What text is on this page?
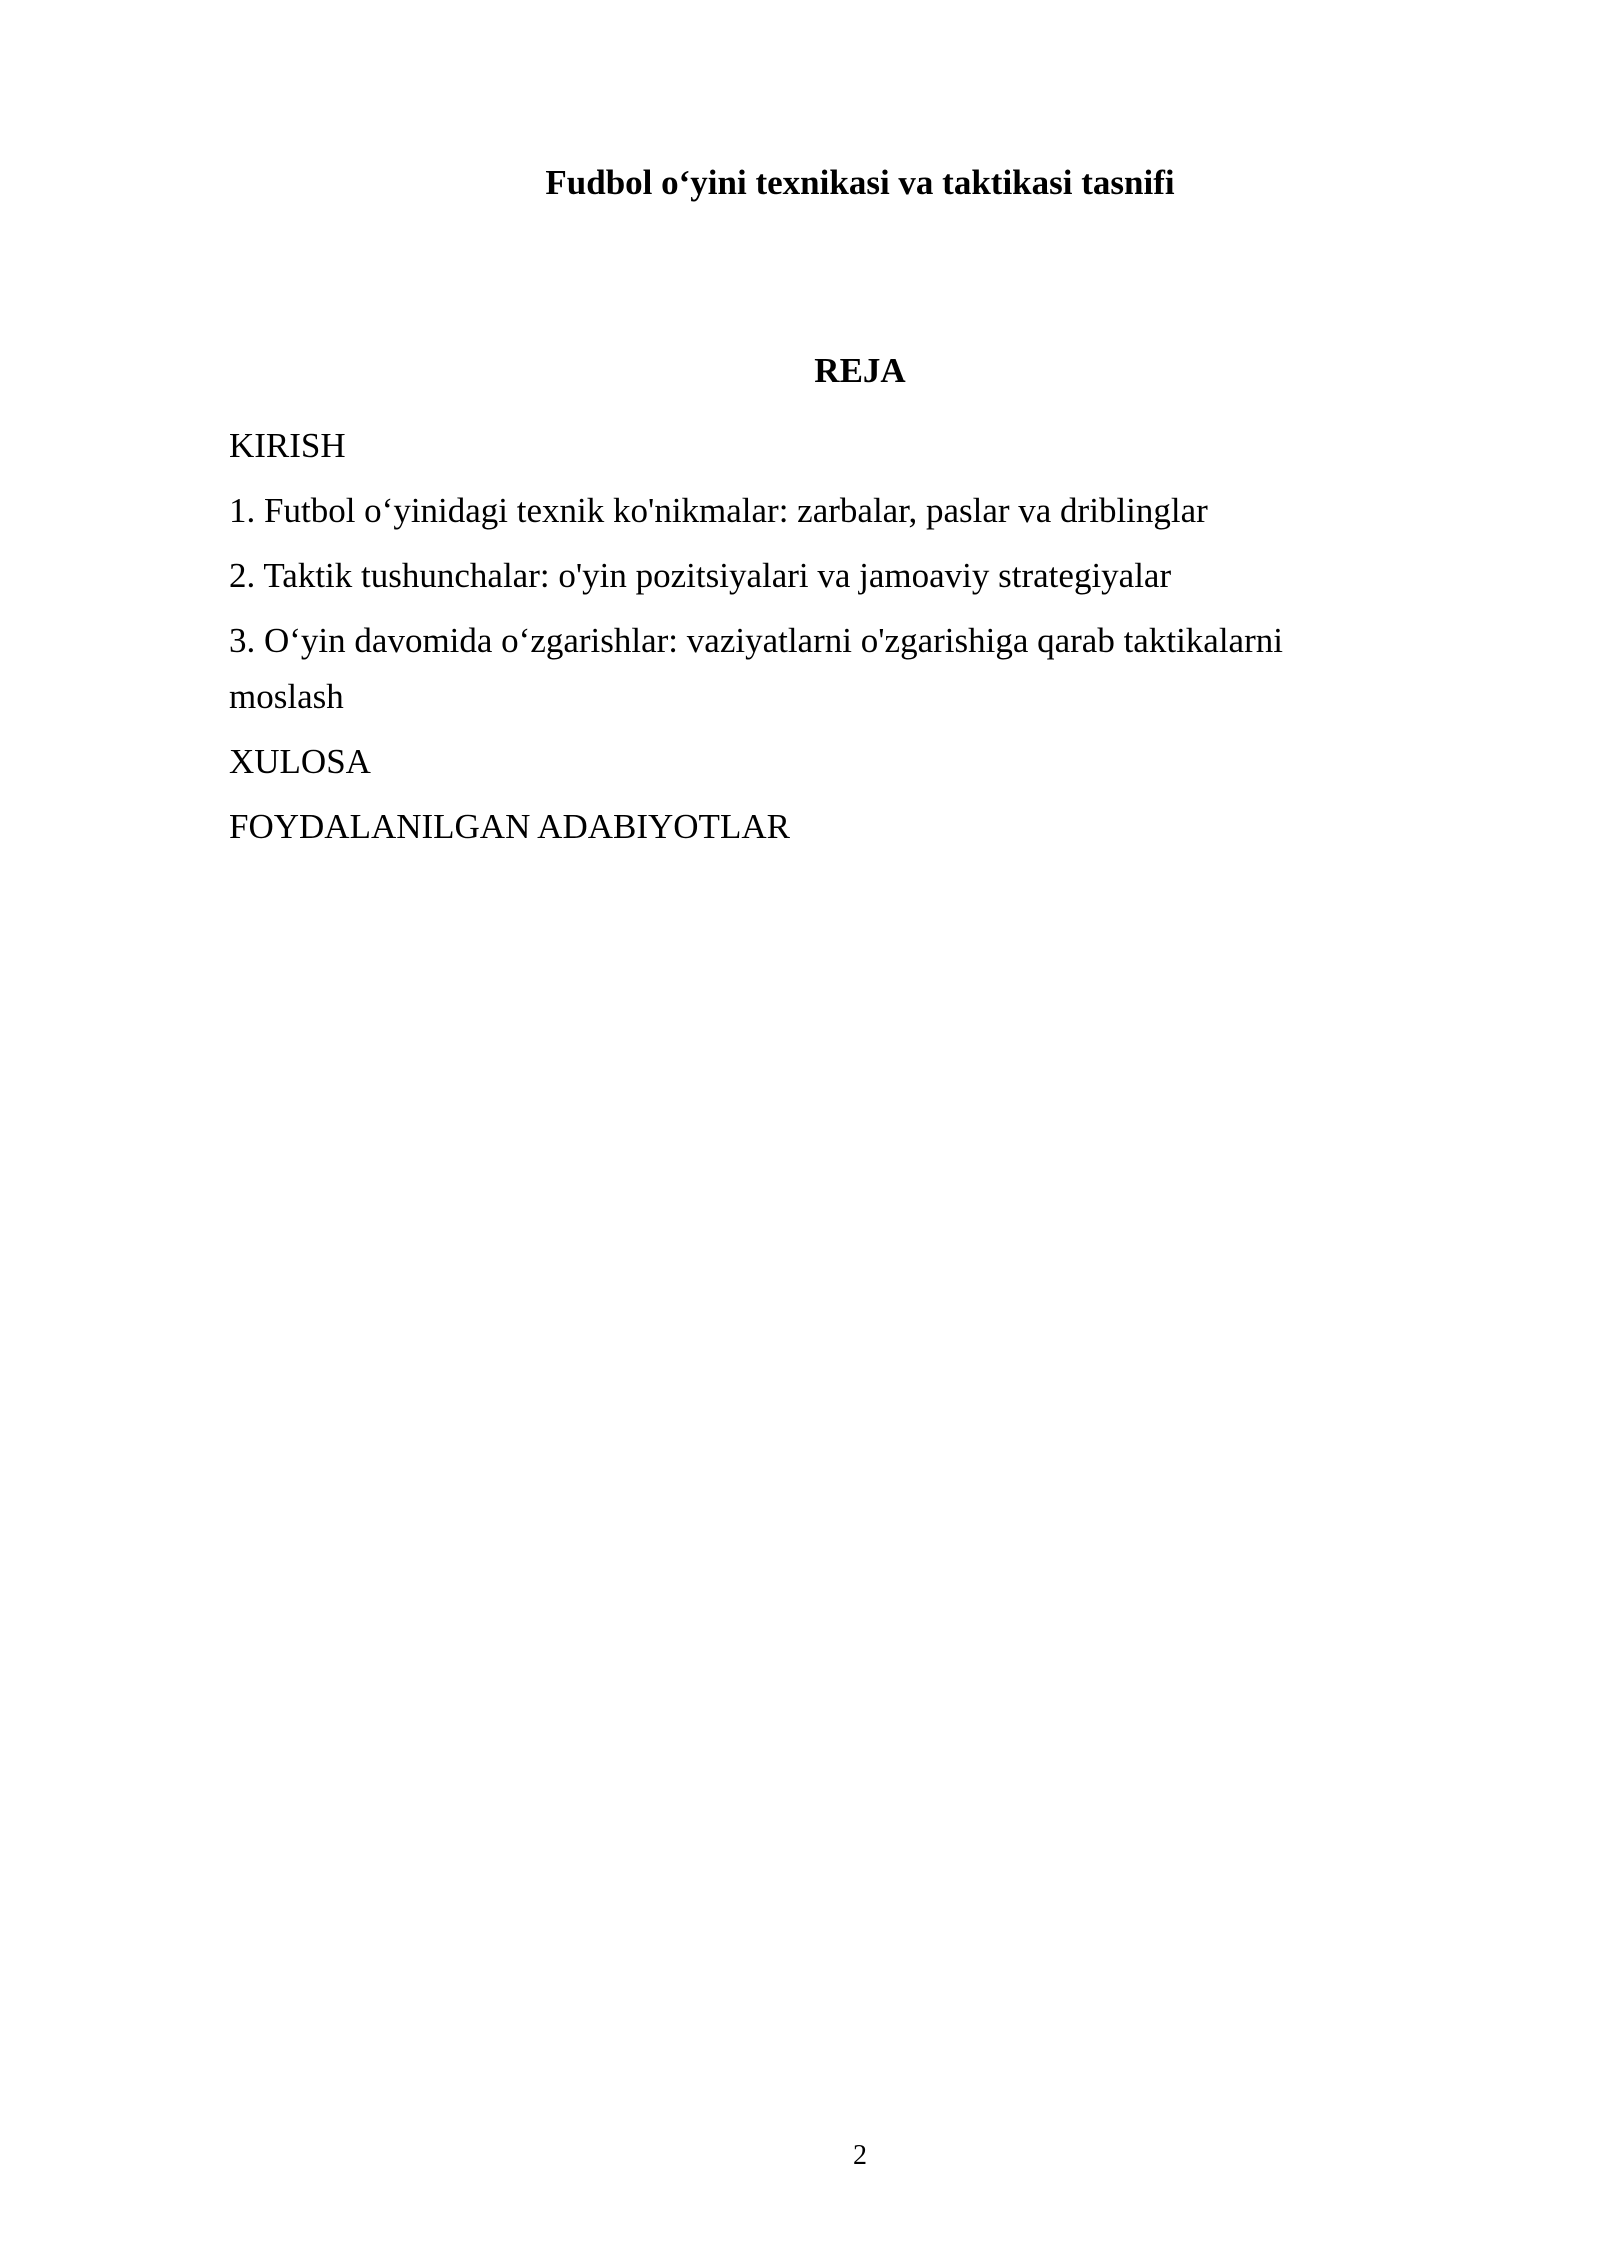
Fudbol o‘yini texnikasi va taktikasi tasnifi
REJA
KIRISH
1. Futbol o‘yinidagi texnik ko'nikmalar: zarbalar, paslar va driblinglar
2. Taktik tushunchalar: o'yin pozitsiyalari va jamoaviy strategiyalar
3. O‘yin davomida o‘zgarishlar: vaziyatlarni o'zgarishiga qarab taktikalarni moslash
XULOSA
FOYDALANILGAN ADABIYOTLAR
2
